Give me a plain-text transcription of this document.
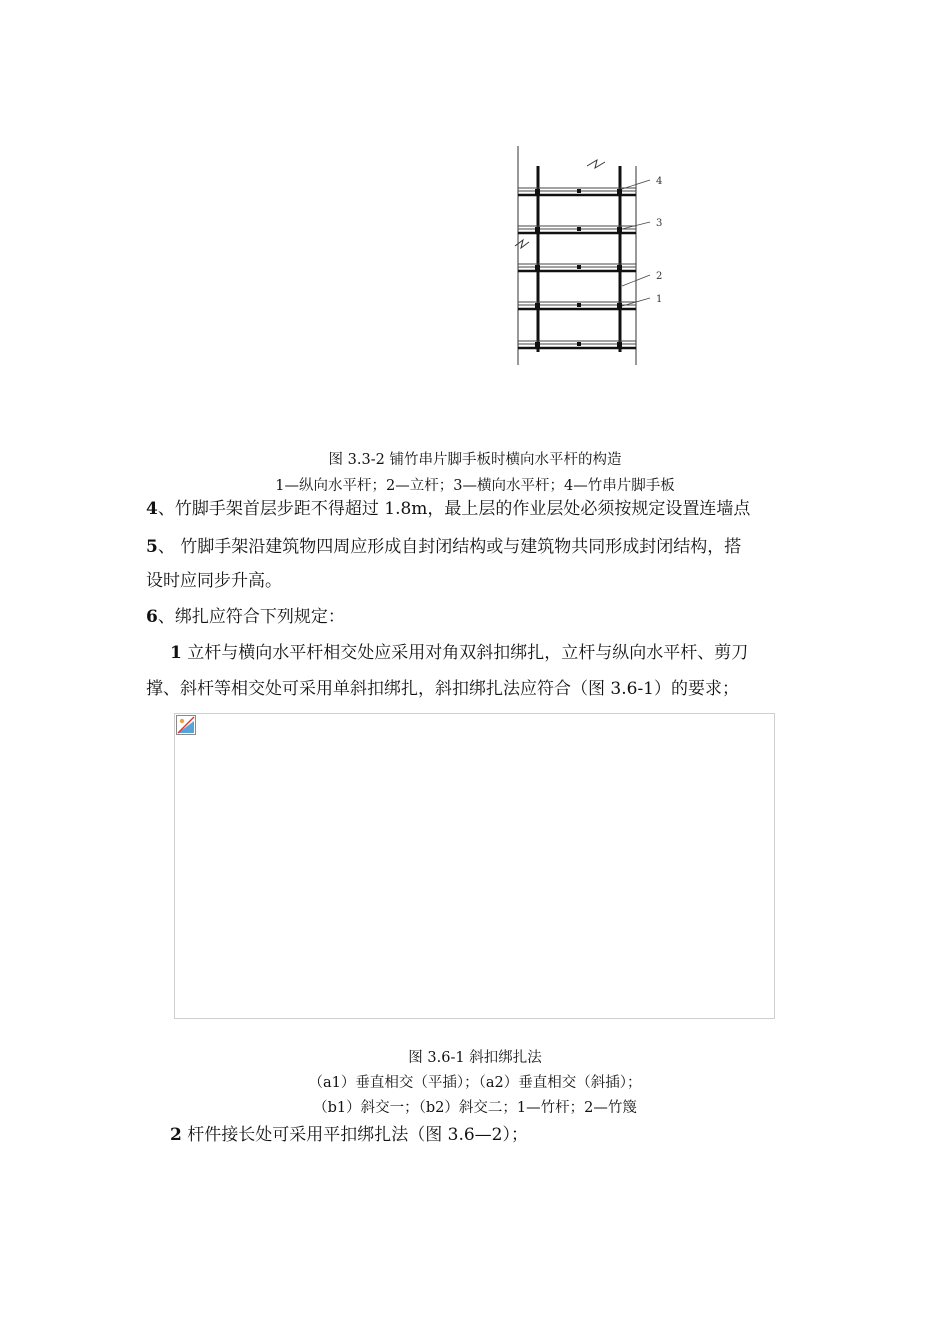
4
3
2
1
图 3.3-2 铺竹串片脚手板时横向水平杆的构造
1—纵向水平杆；2—立杆；3—横向水平杆；4—竹串片脚手板
4、竹脚手架首层步距不得超过 1.8m，最上层的作业层处必须按规定设置连墙点
5、 竹脚手架沿建筑物四周应形成自封闭结构或与建筑物共同形成封闭结构，搭
设时应同步升高。
6、绑扎应符合下列规定：
1 立杆与横向水平杆相交处应采用对角双斜扣绑扎，立杆与纵向水平杆、剪刀
撑、斜杆等相交处可采用单斜扣绑扎，斜扣绑扎法应符合（图 3.6-1）的要求；
图 3.6-1 斜扣绑扎法
（a1）垂直相交（平插）；（a2）垂直相交（斜插）；
（b1）斜交一；（b2）斜交二；1—竹杆；2—竹篾
2 杆件接长处可采用平扣绑扎法（图 3.6—2）；
